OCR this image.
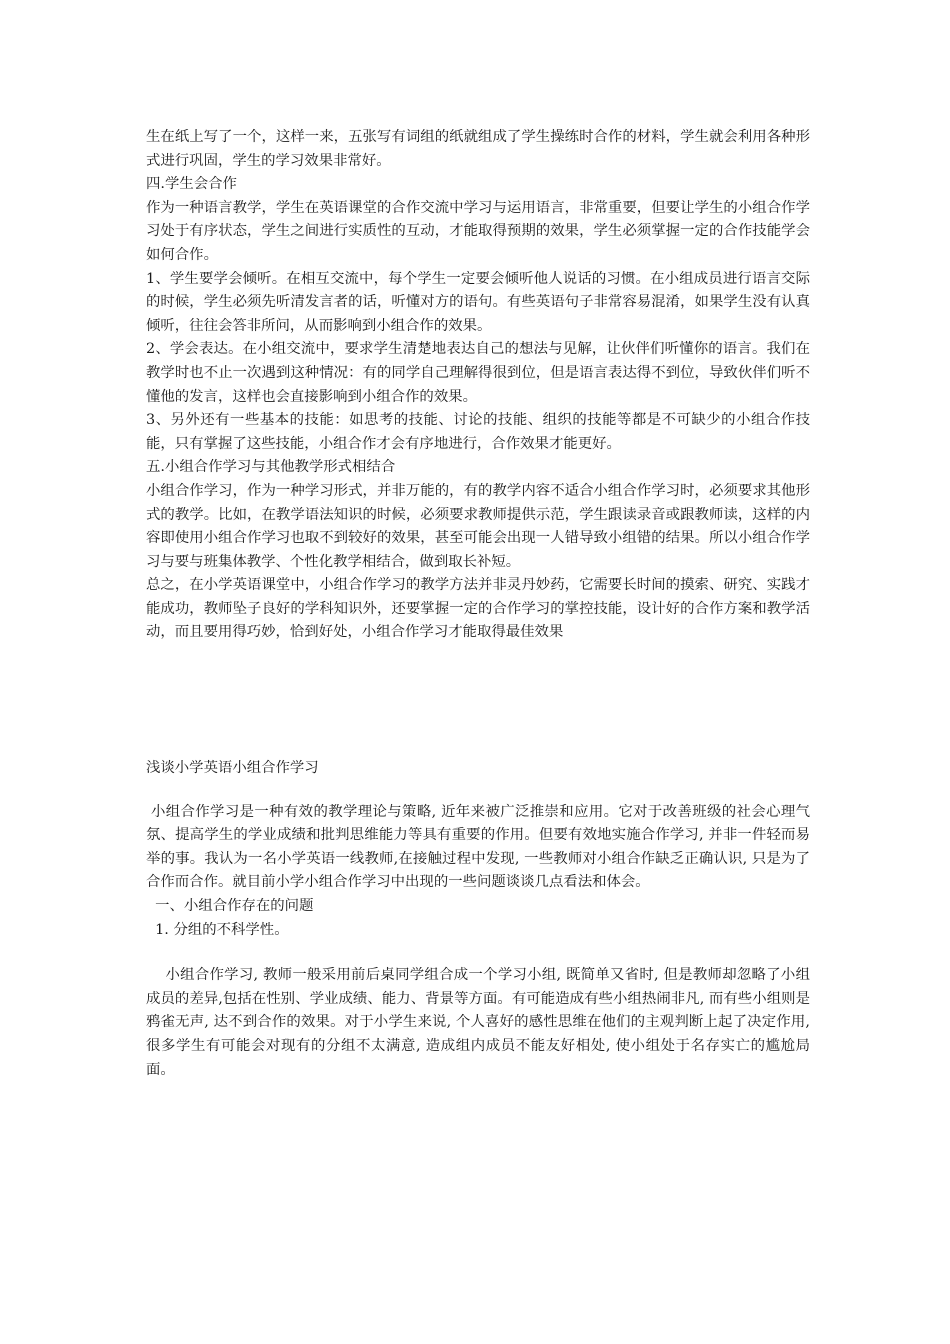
生在纸上写了一个，这样一来，五张写有词组的纸就组成了学生操练时合作的材料，学生就会利用各种形式进行巩固，学生的学习效果非常好。

四.学生会合作

作为一种语言教学，学生在英语课堂的合作交流中学习与运用语言，非常重要，但要让学生的小组合作学习处于有序状态，学生之间进行实质性的互动，才能取得预期的效果，学生必须掌握一定的合作技能学会如何合作。

1、学生要学会倾听。在相互交流中，每个学生一定要会倾听他人说话的习惯。在小组成员进行语言交际的时候，学生必须先听清发言者的话，听懂对方的语句。有些英语句子非常容易混淆，如果学生没有认真倾听，往往会答非所问，从而影响到小组合作的效果。

2、学会表达。在小组交流中，要求学生清楚地表达自己的想法与见解，让伙伴们听懂你的语言。我们在教学时也不止一次遇到这种情况：有的同学自己理解得很到位，但是语言表达得不到位，导致伙伴们听不懂他的发言，这样也会直接影响到小组合作的效果。

3、另外还有一些基本的技能：如思考的技能、讨论的技能、组织的技能等都是不可缺少的小组合作技能，只有掌握了这些技能，小组合作才会有序地进行，合作效果才能更好。

五.小组合作学习与其他教学形式相结合

小组合作学习，作为一种学习形式，并非万能的，有的教学内容不适合小组合作学习时，必须要求其他形式的教学。比如，在教学语法知识的时候，必须要求教师提供示范，学生跟读录音或跟教师读，这样的内容即使用小组合作学习也取不到较好的效果，甚至可能会出现一人错导致小组错的结果。所以小组合作学习与要与班集体教学、个性化教学相结合，做到取长补短。

总之，在小学英语课堂中，小组合作学习的教学方法并非灵丹妙药，它需要长时间的摸索、研究、实践才能成功，教师坠子良好的学科知识外，还要掌握一定的合作学习的掌控技能，设计好的合作方案和教学活动，而且要用得巧妙，恰到好处，小组合作学习才能取得最佳效果

浅谈小学英语小组合作学习

小组合作学习是一种有效的教学理论与策略, 近年来被广泛推崇和应用。它对于改善班级的社会心理气氛、提高学生的学业成绩和批判思维能力等具有重要的作用。但要有效地实施合作学习, 并非一件轻而易举的事。我认为一名小学英语一线教师,在接触过程中发现, 一些教师对小组合作缺乏正确认识, 只是为了合作而合作。就目前小学小组合作学习中出现的一些问题谈谈几点看法和体会。

一、小组合作存在的问题

1. 分组的不科学性。

小组合作学习, 教师一般采用前后桌同学组合成一个学习小组, 既简单又省时, 但是教师却忽略了小组成员的差异,包括在性别、学业成绩、能力、背景等方面。有可能造成有些小组热闹非凡, 而有些小组则是鸦雀无声, 达不到合作的效果。对于小学生来说, 个人喜好的感性思维在他们的主观判断上起了决定作用, 很多学生有可能会对现有的分组不太满意, 造成组内成员不能友好相处, 使小组处于名存实亡的尴尬局面。
